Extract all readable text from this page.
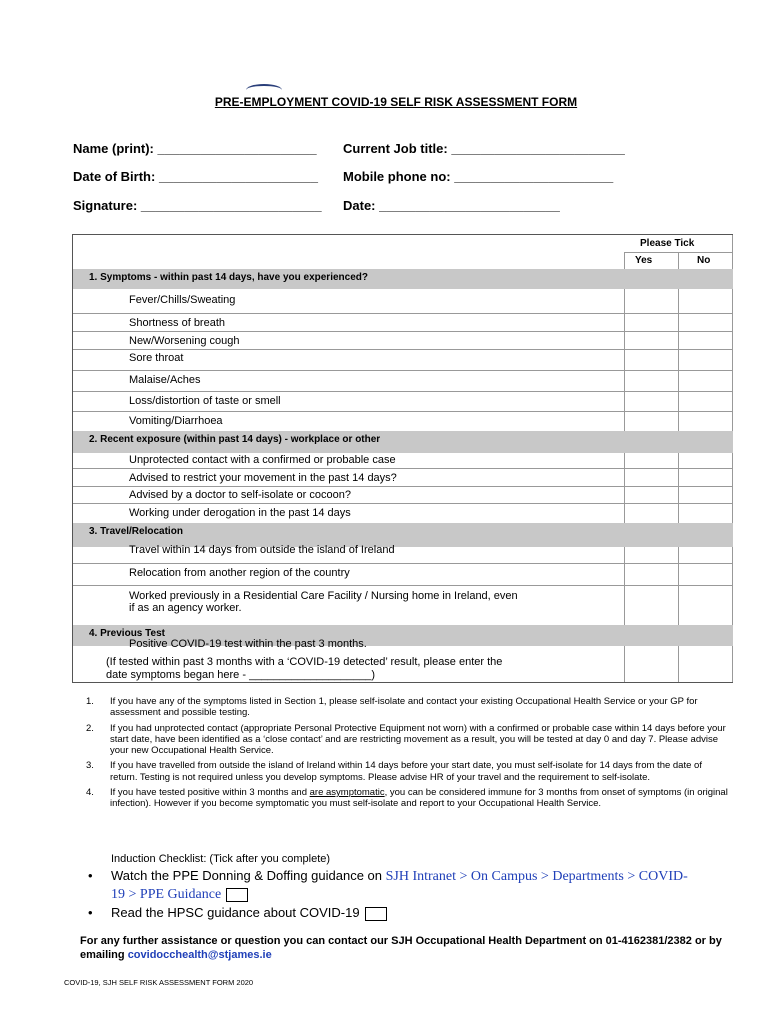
PRE-EMPLOYMENT COVID-19 SELF RISK ASSESSMENT FORM
Name (print): ______________________ Current Job title: ________________________
Date of Birth: ______________________ Mobile phone no: ______________________
Signature: _________________________ Date: _________________________
Please Tick
Yes	No
1. Symptoms - within past 14 days, have you experienced?
Fever/Chills/Sweating
Shortness of breath
New/Worsening cough
Sore throat
Malaise/Aches
Loss/distortion of taste or smell
Vomiting/Diarrhoea
2. Recent exposure (within past 14 days) - workplace or other
Unprotected contact with a confirmed or probable case
Advised to restrict your movement in the past 14 days?
Advised by a doctor to self-isolate or cocoon?
Working under derogation in the past 14 days
3. Travel/Relocation
Travel within 14 days from outside the island of Ireland
Relocation from another region of the country
Worked previously in a Residential Care Facility / Nursing home in Ireland, even
if as an agency worker.
4. Previous Test
Positive COVID-19 test within the past 3 months.
(If tested within past 3 months with a ‘COVID-19 detected’ result, please enter the
date symptoms began here - ____________________)
1. If you have any of the symptoms listed in Section 1, please self-isolate and contact your existing Occupational Health Service or your GP for assessment and possible testing.
2. If you had unprotected contact (appropriate Personal Protective Equipment not worn) with a confirmed or probable case within 14 days before your start date, have been identified as a ‘close contact’ and are restricting movement as a result, you will be tested at day 0 and day 7. Please advise your new Occupational Health Service.
3. If you have travelled from outside the island of Ireland within 14 days before your start date, you must self-isolate for 14 days from the date of return. Testing is not required unless you develop symptoms. Please advise HR of your travel and the requirement to self-isolate.
4. If you have tested positive within 3 months and are asymptomatic, you can be considered immune for 3 months from onset of symptoms (in original infection). However if you become symptomatic you must self-isolate and report to your Occupational Health Service.
Induction Checklist: (Tick after you complete)
• Watch the PPE Donning & Doffing guidance on SJH Intranet > On Campus > Departments > COVID-
19 > PPE Guidance
• Read the HPSC guidance about COVID-19
For any further assistance or question you can contact our SJH Occupational Health Department on 01-4162381/2382 or by emailing covidocchealth@stjames.ie
COVID-19, SJH SELF RISK ASSESSMENT FORM 2020
